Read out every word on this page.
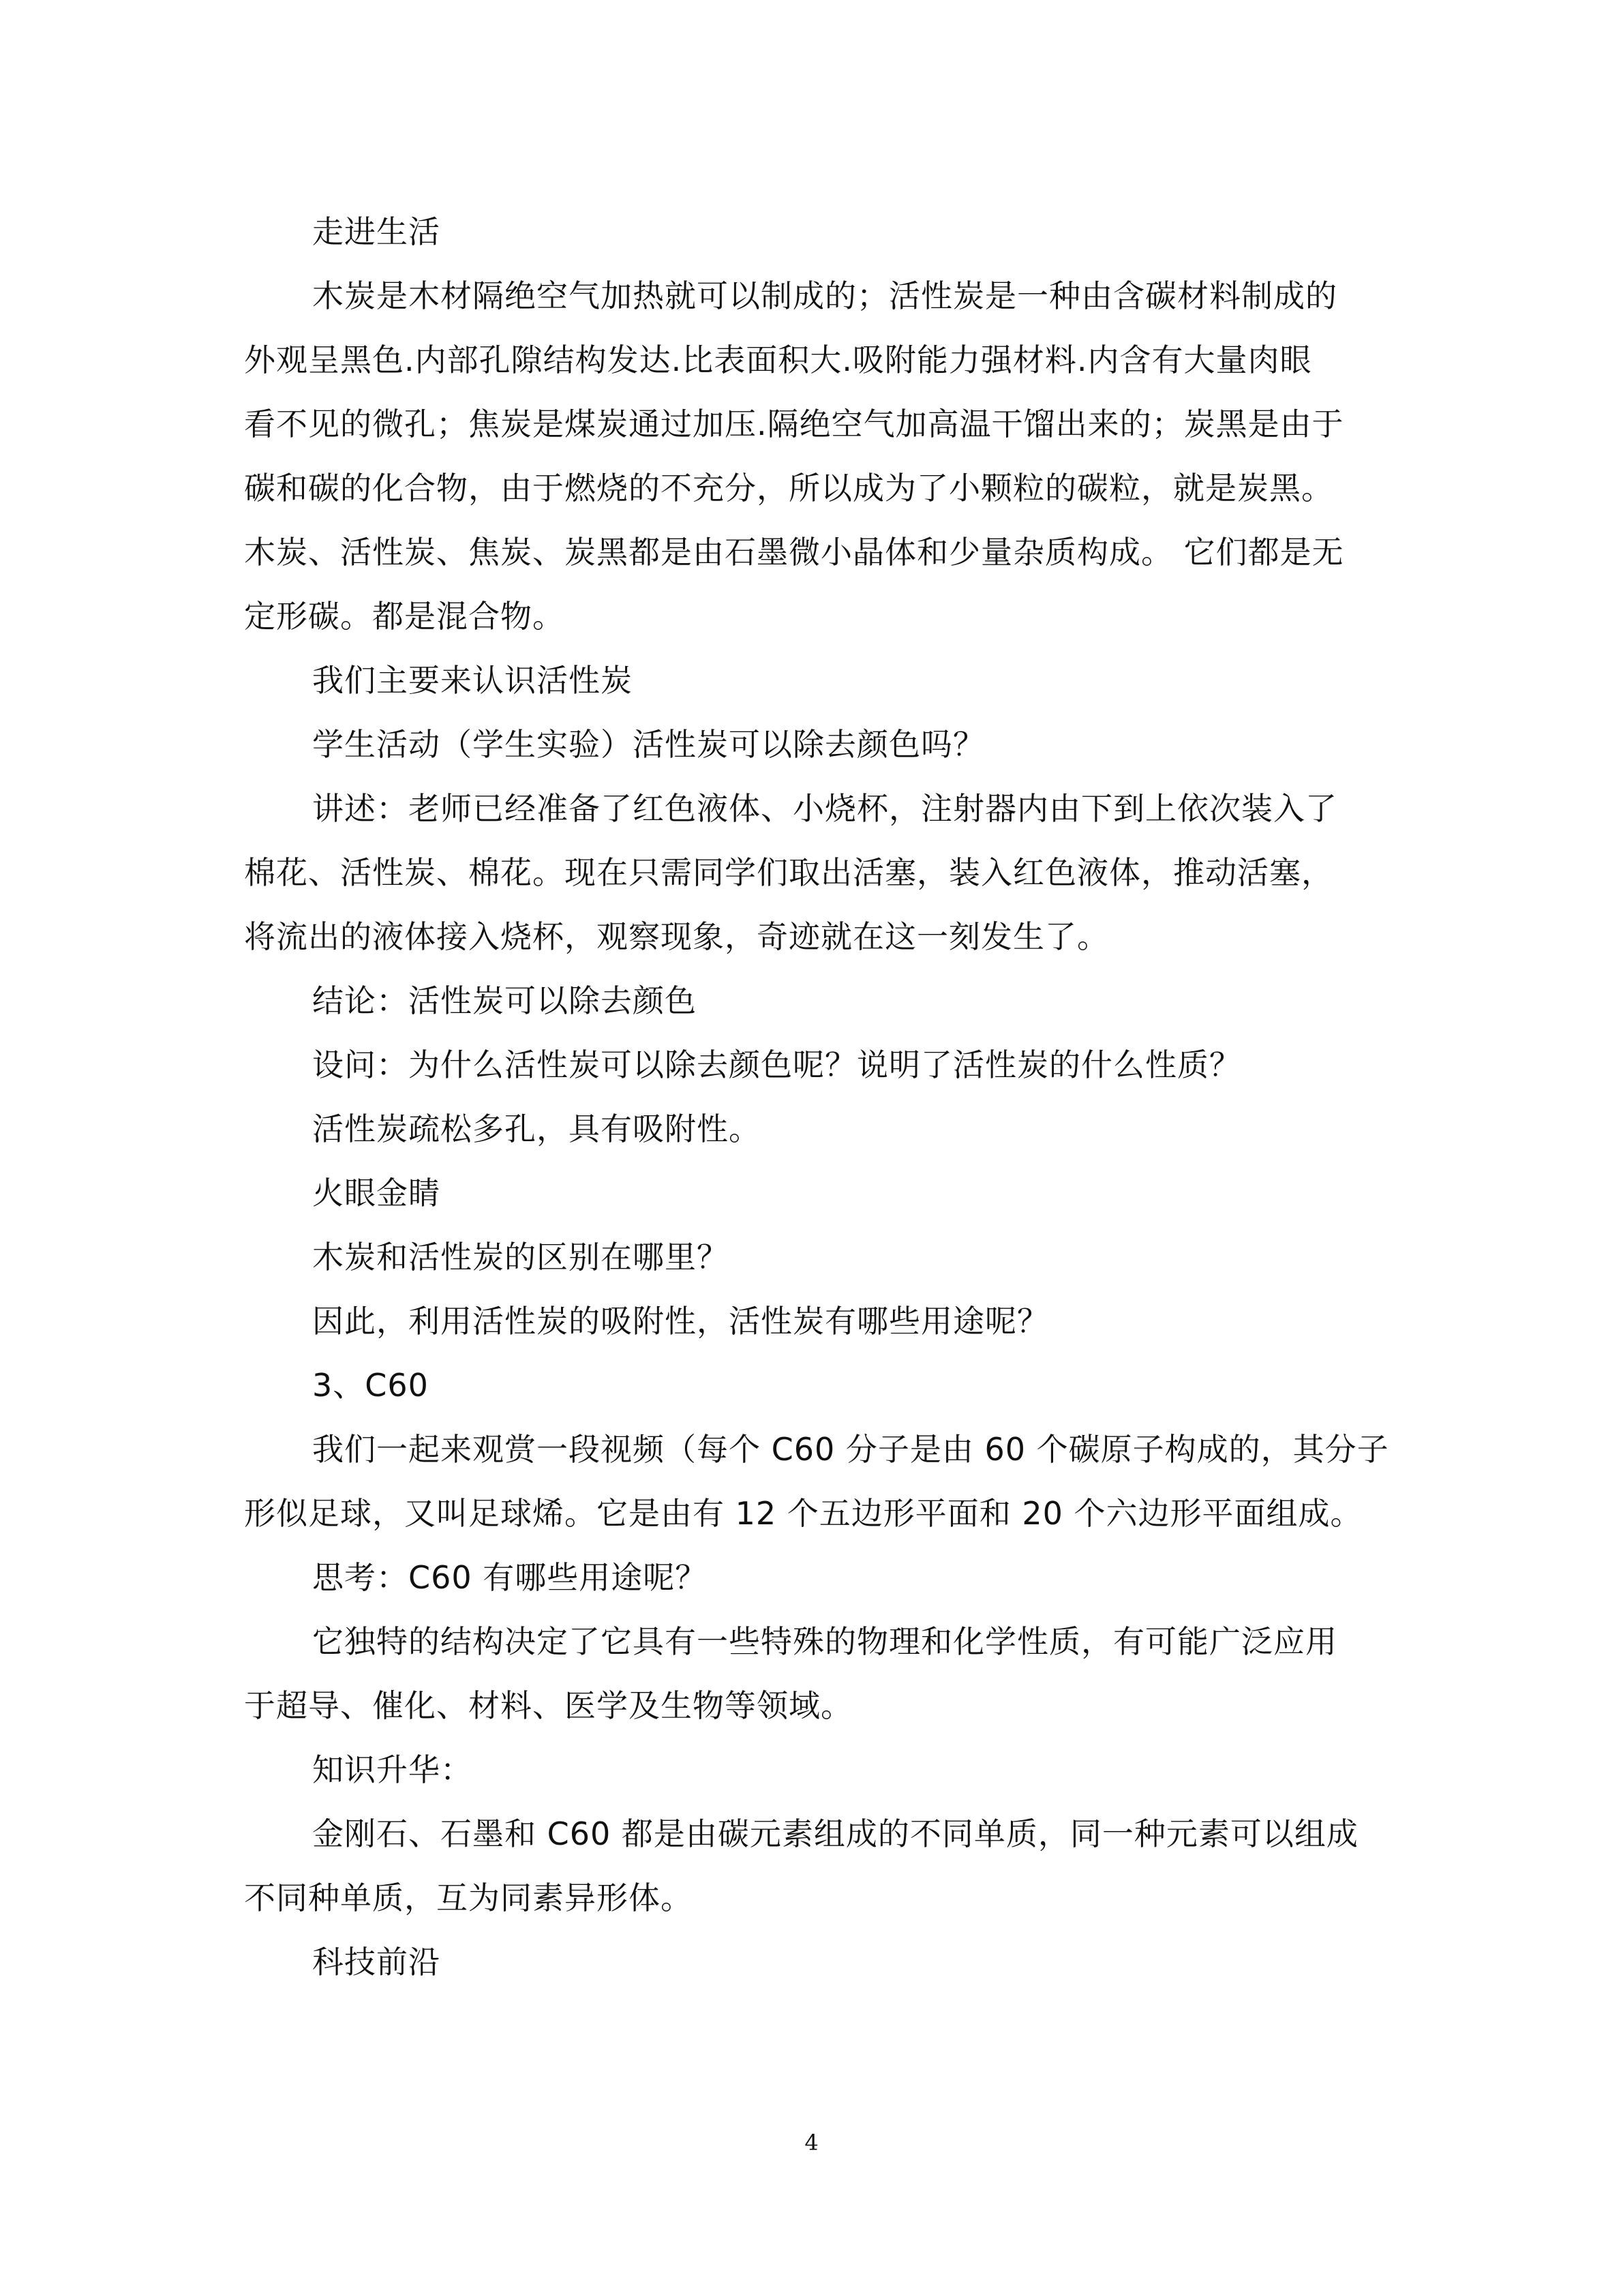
走进生活

木炭是木材隔绝空气加热就可以制成的；活性炭是一种由含碳材料制成的

外观呈黑色.内部孔隙结构发达.比表面积大.吸附能力强材料.内含有大量肉眼

看不见的微孔；焦炭是煤炭通过加压.隔绝空气加高温干馏出来的；炭黑是由于

碳和碳的化合物，由于燃烧的不充分，所以成为了小颗粒的碳粒，就是炭黑。

木炭、活性炭、焦炭、炭黑都是由石墨微小晶体和少量杂质构成。 它们都是无

定形碳。都是混合物。

我们主要来认识活性炭

学生活动（学生实验）活性炭可以除去颜色吗？

讲述：老师已经准备了红色液体、小烧杯，注射器内由下到上依次装入了

棉花、活性炭、棉花。现在只需同学们取出活塞，装入红色液体，推动活塞，

将流出的液体接入烧杯，观察现象，奇迹就在这一刻发生了。

结论：活性炭可以除去颜色

设问：为什么活性炭可以除去颜色呢？说明了活性炭的什么性质？

活性炭疏松多孔，具有吸附性。

火眼金睛

木炭和活性炭的区别在哪里？

因此，利用活性炭的吸附性，活性炭有哪些用途呢？

3、C60

我们一起来观赏一段视频（每个 C60 分子是由 60 个碳原子构成的，其分子

形似足球，又叫足球烯。它是由有 12 个五边形平面和 20 个六边形平面组成。

思考：C60 有哪些用途呢？

它独特的结构决定了它具有一些特殊的物理和化学性质，有可能广泛应用

于超导、催化、材料、医学及生物等领域。

知识升华：

金刚石、石墨和 C60 都是由碳元素组成的不同单质，同一种元素可以组成

不同种单质，互为同素异形体。

科技前沿

4
